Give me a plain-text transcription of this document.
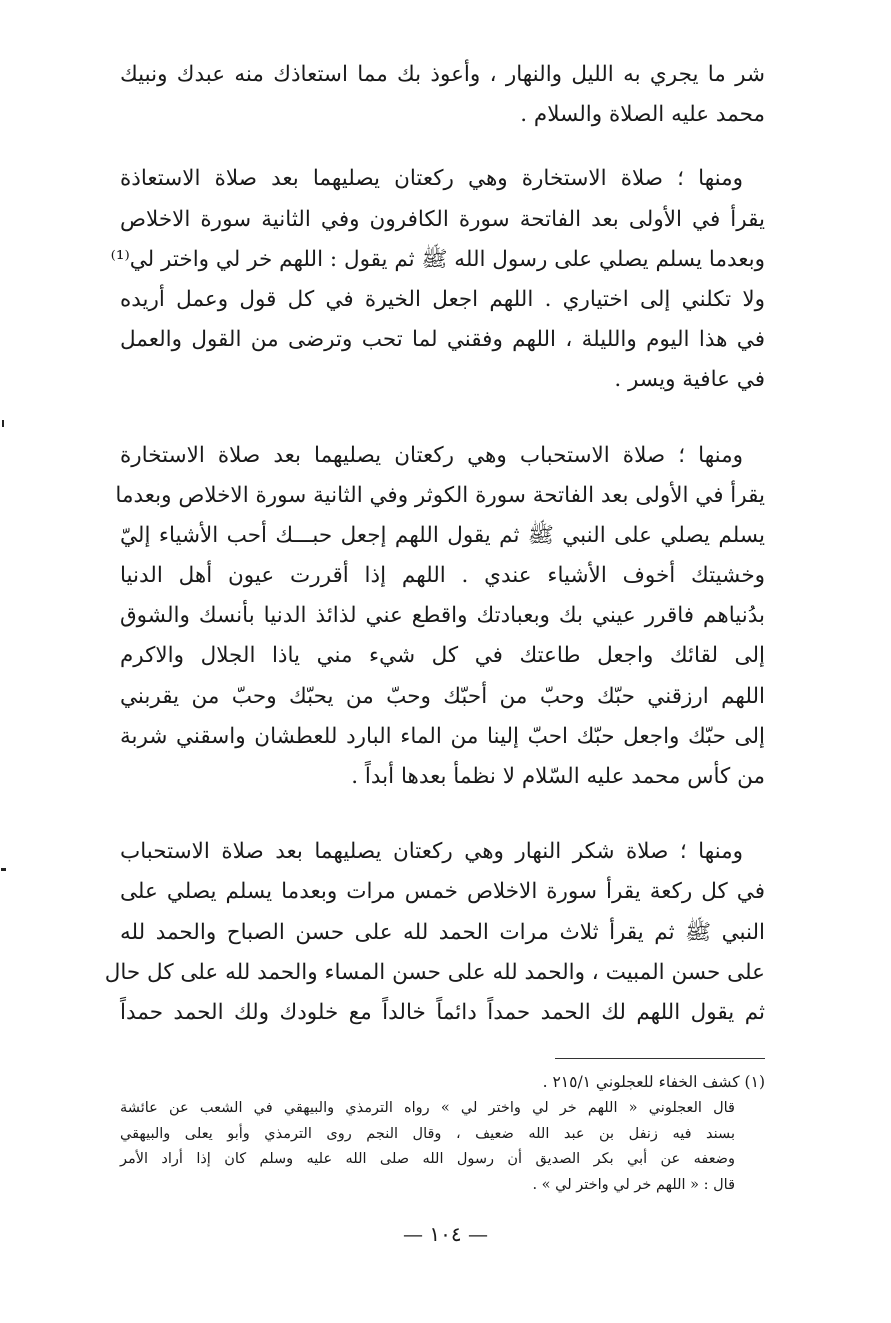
شر ما يجري به الليل والنهار ، وأعوذ بك مما استعاذك منه عبدك ونبيك
محمد عليه الصلاة والسلام .
ومنها ؛ صلاة الاستخارة وهي ركعتان يصليهما بعد صلاة الاستعاذة
يقرأ في الأولى بعد الفاتحة سورة الكافرون وفي الثانية سورة الاخلاص
وبعدما يسلم يصلي على رسول الله ﷺ ثم يقول : اللهم خر لي واختر لي⁽¹⁾
ولا تكلني إلى اختياري . اللهم اجعل الخيرة في كل قول وعمل أريده
في هذا اليوم والليلة ، اللهم وفقني لما تحب وترضى من القول والعمل
في عافية ويسر .
ومنها ؛ صلاة الاستحباب وهي ركعتان يصليهما بعد صلاة الاستخارة
يقرأ في الأولى بعد الفاتحة سورة الكوثر وفي الثانية سورة الاخلاص وبعدما
يسلم يصلي على النبي ﷺ ثم يقول اللهم إجعل حبـــك أحب الأشياء إليّ
وخشيتك أخوف الأشياء عندي . اللهم إذا أقررت عيون أهل الدنيا
بدُنياهم فاقرر عيني بك وبعبادتك واقطع عني لذائذ الدنيا بأنسك والشوق
إلى لقائك واجعل طاعتك في كل شيء مني ياذا الجلال والاكرم
اللهم ارزقني حبّك وحبّ من أحبّك وحبّ من يحبّك وحبّ من يقربني
إلى حبّك واجعل حبّك احبّ إلينا من الماء البارد للعطشان واسقني شربة
من كأس محمد عليه السّلام لا نظمأ بعدها أبداً .
ومنها ؛ صلاة شكر النهار وهي ركعتان يصليهما بعد صلاة الاستحباب
في كل ركعة يقرأ سورة الاخلاص خمس مرات وبعدما يسلم يصلي على
النبي ﷺ ثم يقرأ ثلاث مرات الحمد لله على حسن الصباح والحمد لله
على حسن المبيت ، والحمد لله على حسن المساء والحمد لله على كل حال
ثم يقول اللهم لك الحمد حمداً دائماً خالداً مع خلودك ولك الحمد حمداً
(١) كشف الخفاء للعجلوني ٢١٥/١ .
قال العجلوني « اللهم خر لي واختر لي » رواه الترمذي والبيهقي في الشعب عن عائشة
بسند فيه زنفل بن عبد الله ضعيف ، وقال النجم روى الترمذي وأبو يعلى والبيهقي
وضعفه عن أبي بكر الصديق أن رسول الله صلى الله عليه وسلم كان إذا أراد الأمر
قال : « اللهم خر لي واختر لي » .
— ١٠٤ —
